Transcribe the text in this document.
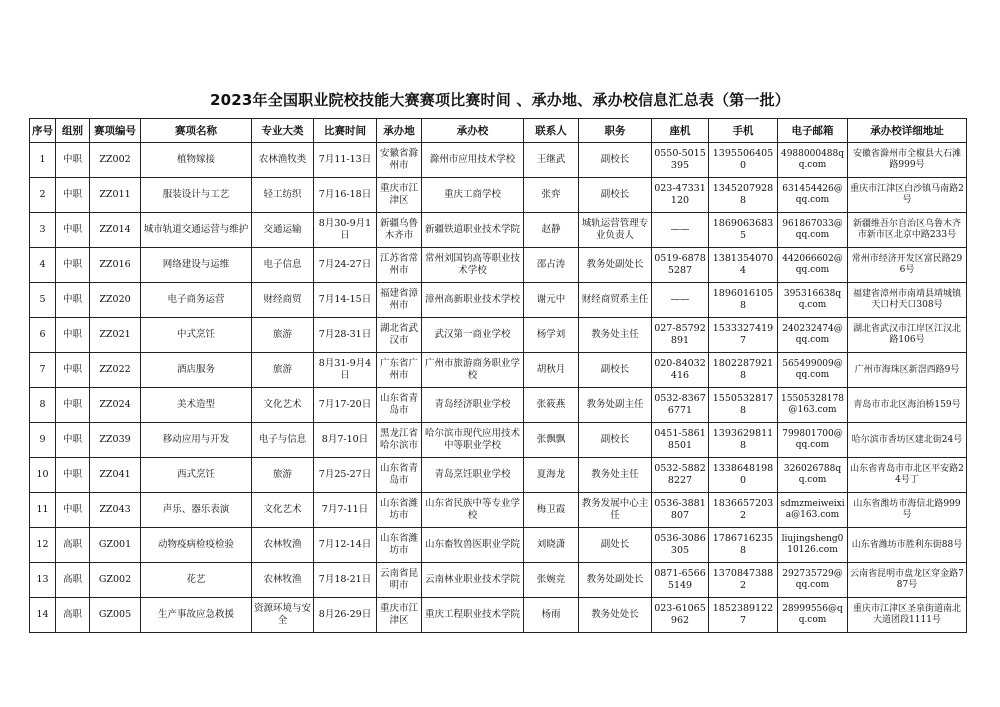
2023年全国职业院校技能大赛赛项比赛时间 、承办地、承办校信息汇总表（第一批）
序号	组别	赛项编号	赛项名称	专业大类	比赛时间	承办地	承办校	联系人	职务	座机	手机	电子邮箱	承办校详细地址
1	中职	ZZ002	植物嫁接	农林渔牧类	7月11-13日	安徽省滁州市	滁州市应用技术学校	王继武	副校长	0550-5015395	13955064050	4988000488qq.com	安徽省滁州市全椒县大石滩路999号
2	中职	ZZ011	服装设计与工艺	轻工纺织	7月16-18日	重庆市江津区	重庆工商学校	张弈	副校长	023-47331120	13452079288	631454426@qq.com	重庆市江津区白沙镇马南路2号
3	中职	ZZ014	城市轨道交通运营与维护	交通运输	8月30-9月1日	新疆乌鲁木齐市	新疆铁道职业技术学院	赵静	城轨运营管理专业负责人	——	18690636835	961867033@qq.com	新疆维吾尔自治区乌鲁木齐市新市区北京中路233号
4	中职	ZZ016	网络建设与运维	电子信息	7月24-27日	江苏省常州市	常州刘国钧高等职业技术学校	邵占涛	教务处副处长	0519-68785287	13813540704	442066602@qq.com	常州市经济开发区富民路296号
5	中职	ZZ020	电子商务运营	财经商贸	7月14-15日	福建省漳州市	漳州高新职业技术学校	谢元中	财经商贸系主任	——	18960161058	395316638qq.com	福建省漳州市南靖县靖城镇天口村天口308号
6	中职	ZZ021	中式烹饪	旅游	7月28-31日	湖北省武汉市	武汉第一商业学校	杨学刘	教务处主任	027-85792891	15333274197	240232474@qq.com	湖北省武汉市江岸区江汉北路106号
7	中职	ZZ022	酒店服务	旅游	8月31-9月4日	广东省广州市	广州市旅游商务职业学校	胡秋月	副校长	020-84032416	18022879218	565499009@qq.com	广州市海珠区新滘西路9号
8	中职	ZZ024	美术造型	文化艺术	7月17-20日	山东省青岛市	青岛经济职业学校	张筱燕	教务处副主任	0532-83676771	15505328178	15505328178@163.com	青岛市市北区海泊桥159号
9	中职	ZZ039	移动应用与开发	电子与信息	8月7-10日	黑龙江省哈尔滨市	哈尔滨市现代应用技术中等职业学校	张飘飘	副校长	0451-58618501	13936298118	799801700@qq.com	哈尔滨市香坊区建北街24号
10	中职	ZZ041	西式烹饪	旅游	7月25-27日	山东省青岛市	青岛烹饪职业学校	夏海龙	教务处主任	0532-58828227	13386481980	326026788qq.com	山东省青岛市市北区平安路24号丁
11	中职	ZZ043	声乐、器乐表演	文化艺术	7月7-11日	山东省潍坊市	山东省民族中等专业学校	梅卫霞	教务发展中心主任	0536-3881807	18366572032	sdmzmeiweixia@163.com	山东省潍坊市海信北路999号
12	高职	GZ001	动物疫病检疫检验	农林牧渔	7月12-14日	山东省潍坊市	山东畜牧兽医职业学院	刘晓潇	副处长	0536-3086305	17867162358	liujingsheng010126.com	山东省潍坊市胜利东街88号
13	高职	GZ002	花艺	农林牧渔	7月18-21日	云南省昆明市	云南林业职业技术学院	张婉竞	教务处副处长	0871-65665149	13708473882	292735729@qq.com	云南省昆明市盘龙区穿金路787号
14	高职	GZ005	生产事故应急救援	资源环境与安全	8月26-29日	重庆市江津区	重庆工程职业技术学院	杨雨	教务处处长	023-61065962	18523891227	28999556@qq.com	重庆市江津区圣泉街道南北大道团段1111号
